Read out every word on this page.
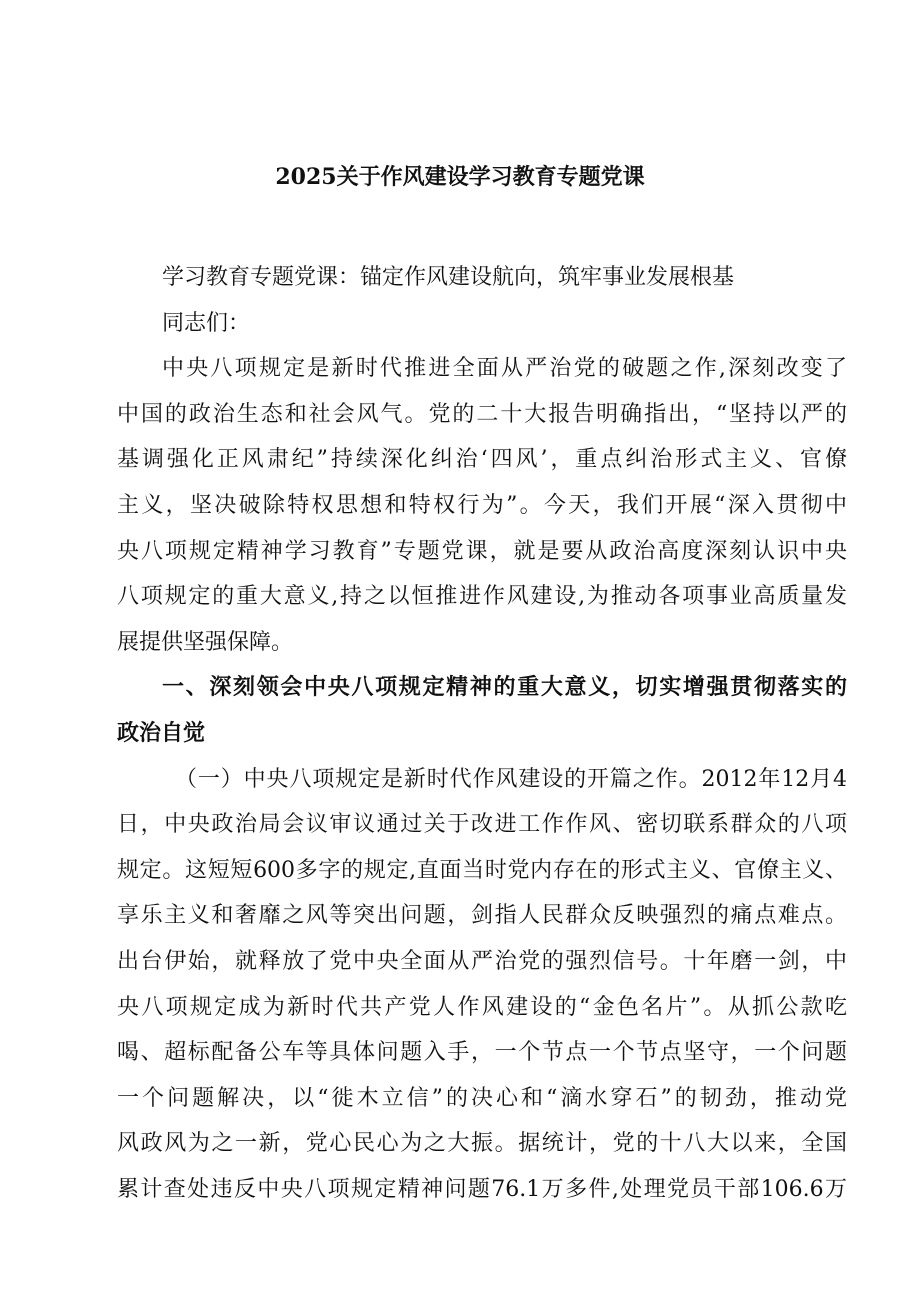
2025关于作风建设学习教育专题党课
学习教育专题党课：锚定作风建设航向，筑牢事业发展根基
同志们：
中央八项规定是新时代推进全面从严治党的破题之作,深刻改变了
中国的政治生态和社会风气。党的二十大报告明确指出，“坚持以严的
基调强化正风肃纪”持续深化纠治‘四风’，重点纠治形式主义、官僚
主义，坚决破除特权思想和特权行为”。今天，我们开展“深入贯彻中
央八项规定精神学习教育”专题党课，就是要从政治高度深刻认识中央
八项规定的重大意义,持之以恒推进作风建设,为推动各项事业高质量发
展提供坚强保障。
一、深刻领会中央八项规定精神的重大意义，切实增强贯彻落实的
政治自觉
（一）中央八项规定是新时代作风建设的开篇之作。2012年12月4
日，中央政治局会议审议通过关于改进工作作风、密切联系群众的八项
规定。这短短600多字的规定,直面当时党内存在的形式主义、官僚主义、
享乐主义和奢靡之风等突出问题，剑指人民群众反映强烈的痛点难点。
出台伊始，就释放了党中央全面从严治党的强烈信号。十年磨一剑，中
央八项规定成为新时代共产党人作风建设的“金色名片”。从抓公款吃
喝、超标配备公车等具体问题入手，一个节点一个节点坚守，一个问题
一个问题解决，以“徙木立信”的决心和“滴水穿石”的韧劲，推动党
风政风为之一新，党心民心为之大振。据统计，党的十八大以来，全国
累计查处违反中央八项规定精神问题76.1万多件,处理党员干部106.6万
